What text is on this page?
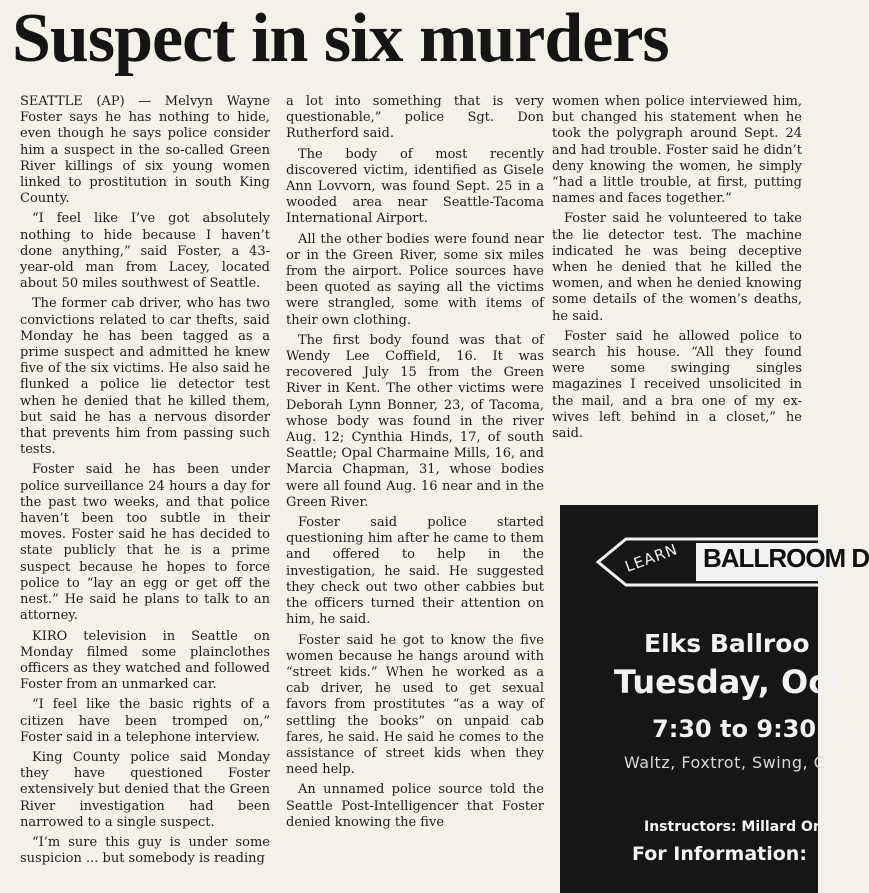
Suspect in six murders

SEATTLE (AP) — Melvyn Wayne Foster says he has nothing to hide, even though he says police consider him a suspect in the so-called Green River killings of six young women linked to prostitution in south King County.

“I feel like I’ve got absolutely nothing to hide because I haven’t done anything,” said Foster, a 43-year-old man from Lacey, located about 50 miles southwest of Seattle.

The former cab driver, who has two convictions related to car thefts, said Monday he has been tagged as a prime suspect and admitted he knew five of the six victims. He also said he flunked a police lie detector test when he denied that he killed them, but said he has a nervous disorder that prevents him from passing such tests.

Foster said he has been under police surveillance 24 hours a day for the past two weeks, and that police haven’t been too subtle in their moves. Foster said he has decided to state publicly that he is a prime suspect because he hopes to force police to “lay an egg or get off the nest.” He said he plans to talk to an attorney.

KIRO television in Seattle on Monday filmed some plainclothes officers as they watched and followed Foster from an unmarked car.

“I feel like the basic rights of a citizen have been tromped on,” Foster said in a telephone interview.

King County police said Monday they have questioned Foster extensively but denied that the Green River investigation had been narrowed to a single suspect.

“I’m sure this guy is under some suspicion ... but somebody is reading

a lot into something that is very questionable,” police Sgt. Don Rutherford said.

The body of most recently discovered victim, identified as Gisele Ann Lovvorn, was found Sept. 25 in a wooded area near Seattle-Tacoma International Airport.

All the other bodies were found near or in the Green River, some six miles from the airport. Police sources have been quoted as saying all the victims were strangled, some with items of their own clothing.

The first body found was that of Wendy Lee Coffield, 16. It was recovered July 15 from the Green River in Kent. The other victims were Deborah Lynn Bonner, 23, of Tacoma, whose body was found in the river Aug. 12; Cynthia Hinds, 17, of south Seattle; Opal Charmaine Mills, 16, and Marcia Chapman, 31, whose bodies were all found Aug. 16 near and in the Green River.

Foster said police started questioning him after he came to them and offered to help in the investigation, he said. He suggested they check out two other cabbies but the officers turned their attention on him, he said.

Foster said he got to know the five women because he hangs around with “street kids.” When he worked as a cab driver, he used to get sexual favors from prostitutes “as a way of settling the books” on unpaid cab fares, he said. He said he comes to the assistance of street kids when they need help.

An unnamed police source told the Seattle Post-Intelligencer that Foster denied knowing the five

women when police interviewed him, but changed his statement when he took the polygraph around Sept. 24 and had trouble. Foster said he didn’t deny knowing the women, he simply “had a little trouble, at first, putting names and faces together.”

Foster said he volunteered to take the lie detector test. The machine indicated he was being deceptive when he denied that he killed the women, and when he denied knowing some details of the women’s deaths, he said.

Foster said he allowed police to search his house. “All they found were some swinging singles magazines I received unsolicited in the mail, and a bra one of my ex-wives left behind in a closet,” he said.

LEARN BALLROOM D
Elks Ballroo
Tuesday, Oct
7:30 to 9:30 p.
Waltz, Foxtrot, Swing, C
Instructors: Millard Or
For Information:
